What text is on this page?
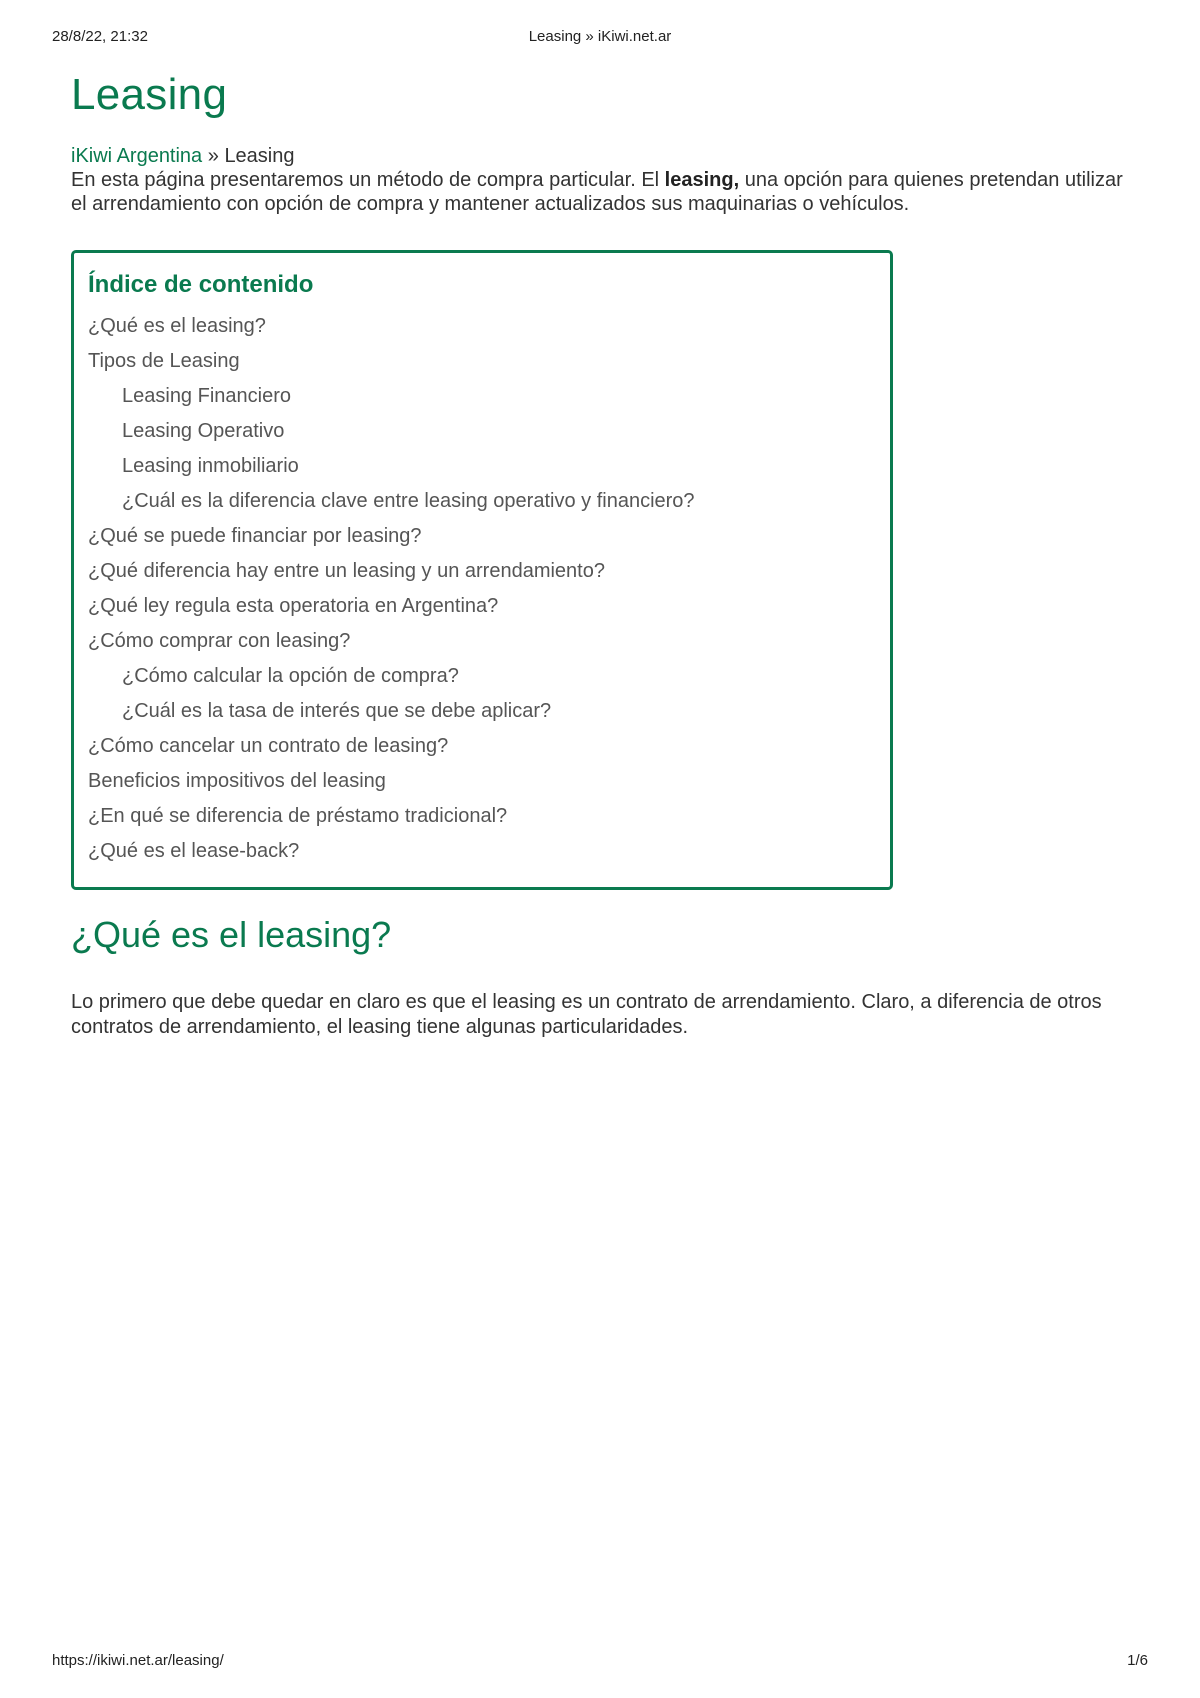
28/8/22, 21:32	Leasing » iKiwi.net.ar
Leasing
iKiwi Argentina » Leasing

En esta página presentaremos un método de compra particular. El leasing, una opción para quienes pretendan utilizar el arrendamiento con opción de compra y mantener actualizados sus maquinarias o vehículos.

Índice de contenido
¿Qué es el leasing?
Tipos de Leasing
Leasing Financiero
Leasing Operativo
Leasing inmobiliario
¿Cuál es la diferencia clave entre leasing operativo y financiero?
¿Qué se puede financiar por leasing?
¿Qué diferencia hay entre un leasing y un arrendamiento?
¿Qué ley regula esta operatoria en Argentina?
¿Cómo comprar con leasing?
¿Cómo calcular la opción de compra?
¿Cuál es la tasa de interés que se debe aplicar?
¿Cómo cancelar un contrato de leasing?
Beneficios impositivos del leasing
¿En qué se diferencia de préstamo tradicional?
¿Qué es el lease-back?
¿Qué es el leasing?

Lo primero que debe quedar en claro es que el leasing es un contrato de arrendamiento. Claro, a diferencia de otros contratos de arrendamiento, el leasing tiene algunas particularidades.

https://ikiwi.net.ar/leasing/	1/6
